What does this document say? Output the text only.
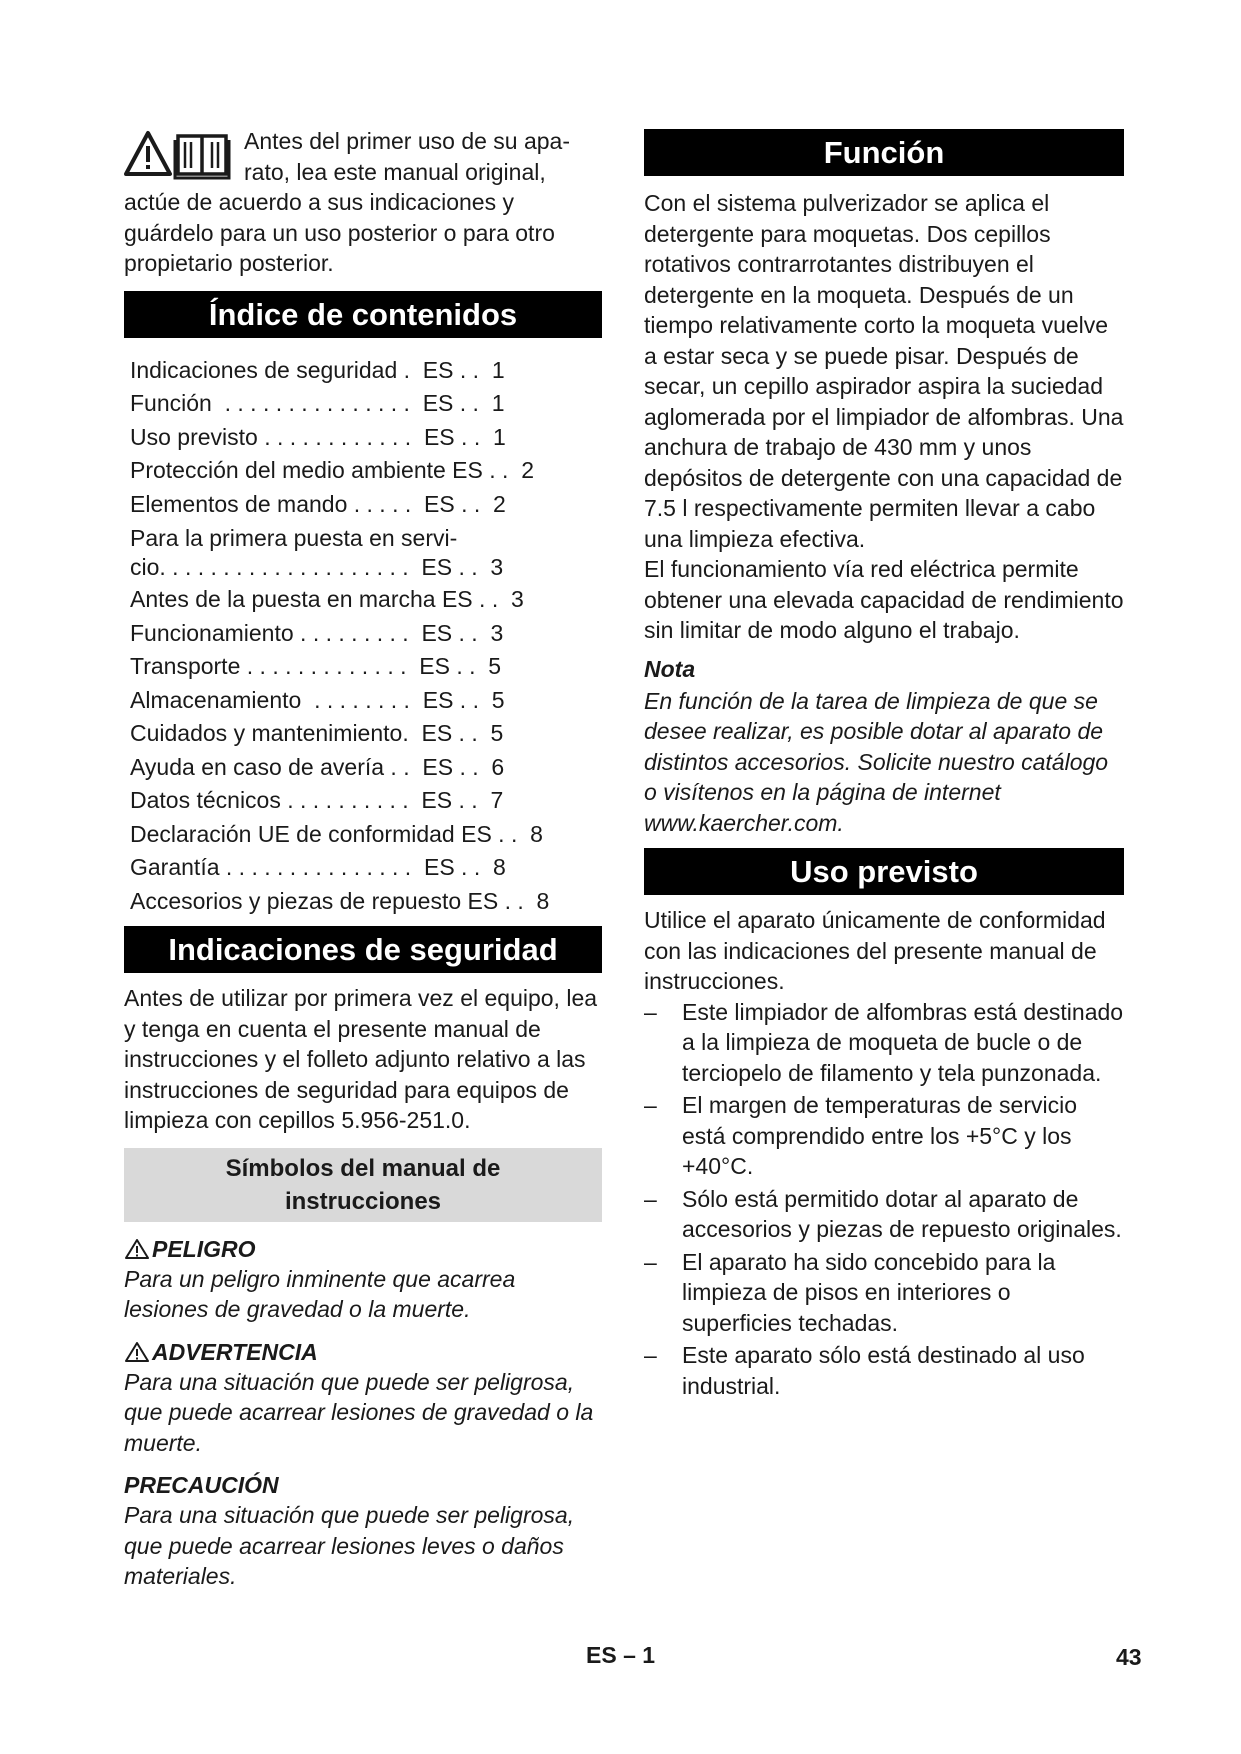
Antes del primer uso de su apa-
rato, lea este manual original,
actúe de acuerdo a sus indicaciones y guárdelo para un uso posterior o para otro propietario posterior.
Índice de contenidos
Indicaciones de seguridad .  ES . .  1
Función  . . . . . . . . . . . . . . .  ES . .  1
Uso previsto . . . . . . . . . . . .  ES . .  1
Protección del medio ambiente ES . .  2
Elementos de mando . . . . .  ES . .  2
Para la primera puesta en servi-
cio. . . . . . . . . . . . . . . . . . . .  ES . .  3
Antes de la puesta en marcha ES . .  3
Funcionamiento . . . . . . . . .  ES . .  3
Transporte . . . . . . . . . . . . .  ES . .  5
Almacenamiento  . . . . . . . .  ES . .  5
Cuidados y mantenimiento.  ES . .  5
Ayuda en caso de avería . .  ES . .  6
Datos técnicos . . . . . . . . . .  ES . .  7
Declaración UE de conformidad ES . .  8
Garantía . . . . . . . . . . . . . . .  ES . .  8
Accesorios y piezas de repuesto ES . .  8
Indicaciones de seguridad
Antes de utilizar por primera vez el equipo, lea y tenga en cuenta el presente manual de instrucciones y el folleto adjunto relativo a las instrucciones de seguridad para equipos de limpieza con cepillos 5.956-251.0.
Símbolos del manual de
instrucciones
PELIGRO
Para un peligro inminente que acarrea lesiones de gravedad o la muerte.
ADVERTENCIA
Para una situación que puede ser peligrosa, que puede acarrear lesiones de gravedad o la muerte.
PRECAUCIÓN
Para una situación que puede ser peligrosa, que puede acarrear lesiones leves o daños materiales.
Función
Con el sistema pulverizador se aplica el detergente para moquetas. Dos cepillos rotativos contrarrotantes distribuyen el detergente en la moqueta. Después de un tiempo relativamente corto la moqueta vuelve a estar seca y se puede pisar. Después de secar, un cepillo aspirador aspira la suciedad aglomerada por el limpiador de alfombras. Una anchura de trabajo de 430 mm y unos depósitos de detergente con una capacidad de 7.5 l respectivamente permiten llevar a cabo una limpieza efectiva.
El funcionamiento vía red eléctrica permite obtener una elevada capacidad de rendimiento sin limitar de modo alguno el trabajo.
Nota
En función de la tarea de limpieza de que se desee realizar, es posible dotar al aparato de distintos accesorios. Solicite nuestro catálogo o visítenos en la página de internet www.kaercher.com.
Uso previsto
Utilice el aparato únicamente de conformidad con las indicaciones del presente manual de instrucciones.
– Este limpiador de alfombras está destinado a la limpieza de moqueta de bucle o de terciopelo de filamento y tela punzonada.
– El margen de temperaturas de servicio está comprendido entre los +5°C y los +40°C.
– Sólo está permitido dotar al aparato de accesorios y piezas de repuesto originales.
– El aparato ha sido concebido para la limpieza de pisos en interiores o superficies techadas.
– Este aparato sólo está destinado al uso industrial.
ES – 1	43
